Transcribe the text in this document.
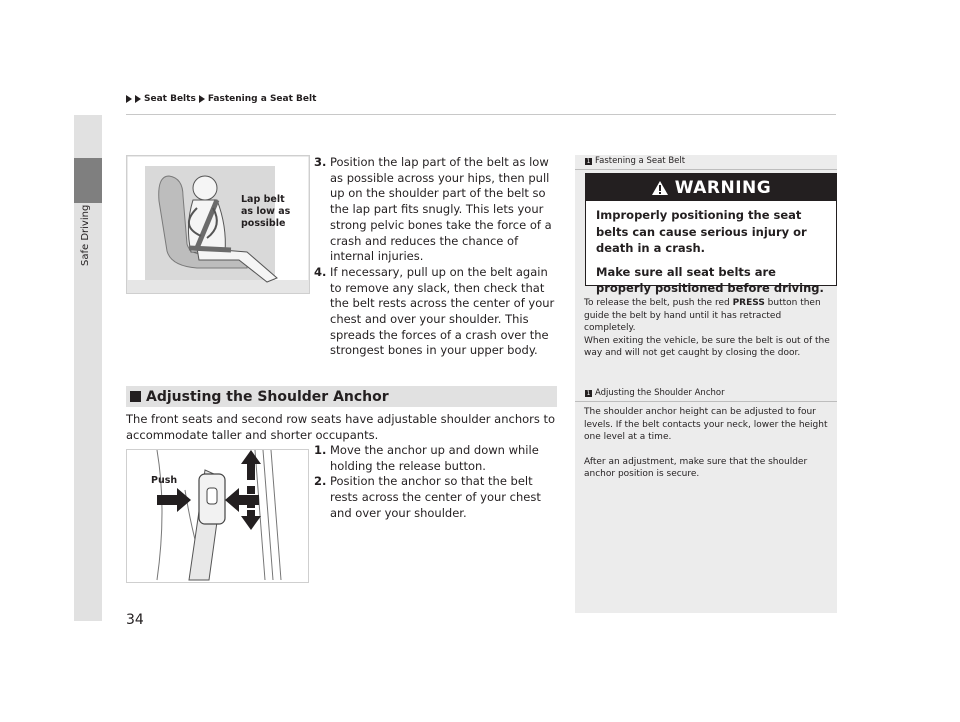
Safe Driving
Seat Belts Fastening a Seat Belt
Lap belt
as low as
possible
3. Position the lap part of the belt as low as possible across your hips, then pull up on the shoulder part of the belt so the lap part fits snugly. This lets your strong pelvic bones take the force of a crash and reduces the chance of internal injuries.
4. If necessary, pull up on the belt again to remove any slack, then check that the belt rests across the center of your chest and over your shoulder. This spreads the forces of a crash over the strongest bones in your upper body.
1 Fastening a Seat Belt
WARNING

Improperly positioning the seat belts can cause serious injury or death in a crash.

Make sure all seat belts are properly positioned before driving.

To release the belt, push the red PRESS button then guide the belt by hand until it has retracted completely.

When exiting the vehicle, be sure the belt is out of the way and will not get caught by closing the door.

Adjusting the Shoulder Anchor	1 Adjusting the Shoulder Anchor

The shoulder anchor height can be adjusted to four levels. If the belt contacts your neck, lower the height one level at a time.

After an adjustment, make sure that the shoulder anchor position is secure.

The front seats and second row seats have adjustable shoulder anchors to accommodate taller and shorter occupants.
Push
1. Move the anchor up and down while holding the release button.
2. Position the anchor so that the belt rests across the center of your chest and over your shoulder.
34
